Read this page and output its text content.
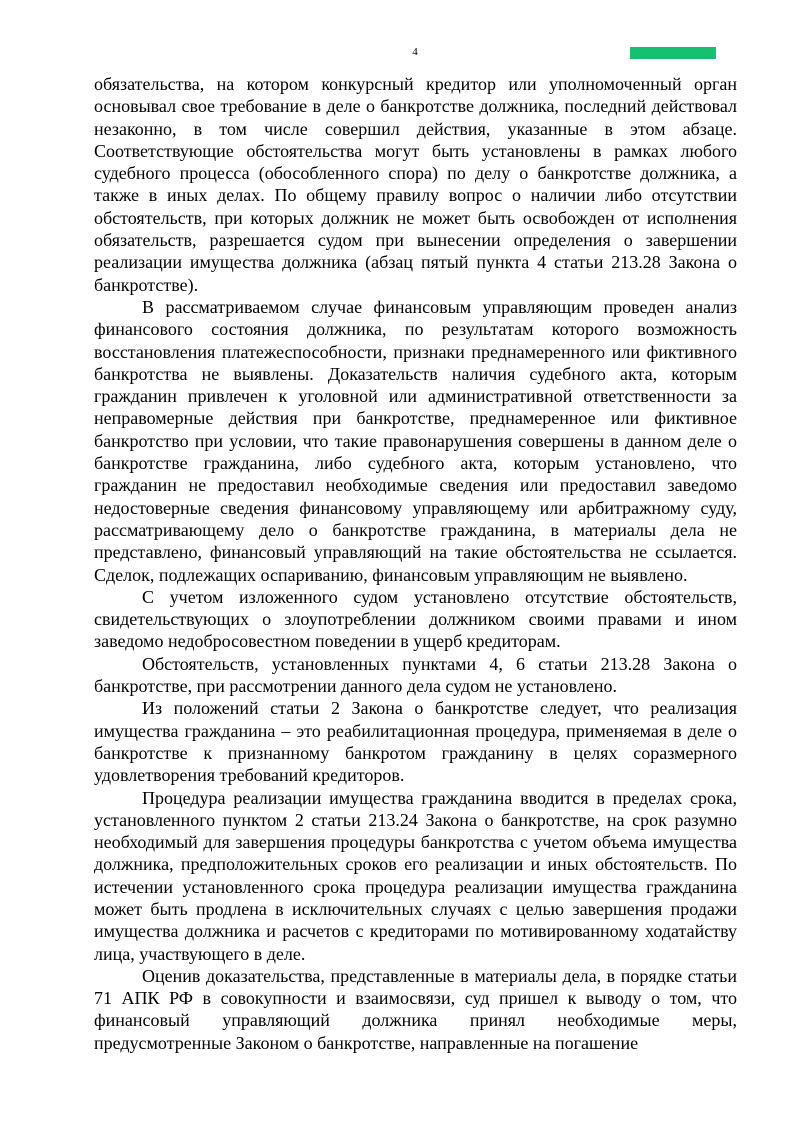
4

обязательства, на котором конкурсный кредитор или уполномоченный орган основывал свое требование в деле о банкротстве должника, последний действовал незаконно, в том числе совершил действия, указанные в этом абзаце. Соответствующие обстоятельства могут быть установлены в рамках любого судебного процесса (обособленного спора) по делу о банкротстве должника, а также в иных делах. По общему правилу вопрос о наличии либо отсутствии обстоятельств, при которых должник не может быть освобожден от исполнения обязательств, разрешается судом при вынесении определения о завершении реализации имущества должника (абзац пятый пункта 4 статьи 213.28 Закона о банкротстве).

В рассматриваемом случае финансовым управляющим проведен анализ финансового состояния должника, по результатам которого возможность восстановления платежеспособности, признаки преднамеренного или фиктивного банкротства не выявлены. Доказательств наличия судебного акта, которым гражданин привлечен к уголовной или административной ответственности за неправомерные действия при банкротстве, преднамеренное или фиктивное банкротство при условии, что такие правонарушения совершены в данном деле о банкротстве гражданина, либо судебного акта, которым установлено, что гражданин не предоставил необходимые сведения или предоставил заведомо недостоверные сведения финансовому управляющему или арбитражному суду, рассматривающему дело о банкротстве гражданина, в материалы дела не представлено, финансовый управляющий на такие обстоятельства не ссылается. Сделок, подлежащих оспариванию, финансовым управляющим не выявлено.

С учетом изложенного судом установлено отсутствие обстоятельств, свидетельствующих о злоупотреблении должником своими правами и ином заведомо недобросовестном поведении в ущерб кредиторам.

Обстоятельств, установленных пунктами 4, 6 статьи 213.28 Закона о банкротстве, при рассмотрении данного дела судом не установлено.

Из положений статьи 2 Закона о банкротстве следует, что реализация имущества гражданина – это реабилитационная процедура, применяемая в деле о банкротстве к признанному банкротом гражданину в целях соразмерного удовлетворения требований кредиторов.

Процедура реализации имущества гражданина вводится в пределах срока, установленного пунктом 2 статьи 213.24 Закона о банкротстве, на срок разумно необходимый для завершения процедуры банкротства с учетом объема имущества должника, предположительных сроков его реализации и иных обстоятельств. По истечении установленного срока процедура реализации имущества гражданина может быть продлена в исключительных случаях с целью завершения продажи имущества должника и расчетов с кредиторами по мотивированному ходатайству лица, участвующего в деле.

Оценив доказательства, представленные в материалы дела, в порядке статьи 71 АПК РФ в совокупности и взаимосвязи, суд пришел к выводу о том, что финансовый управляющий должника принял необходимые меры, предусмотренные Законом о банкротстве, направленные на погашение
